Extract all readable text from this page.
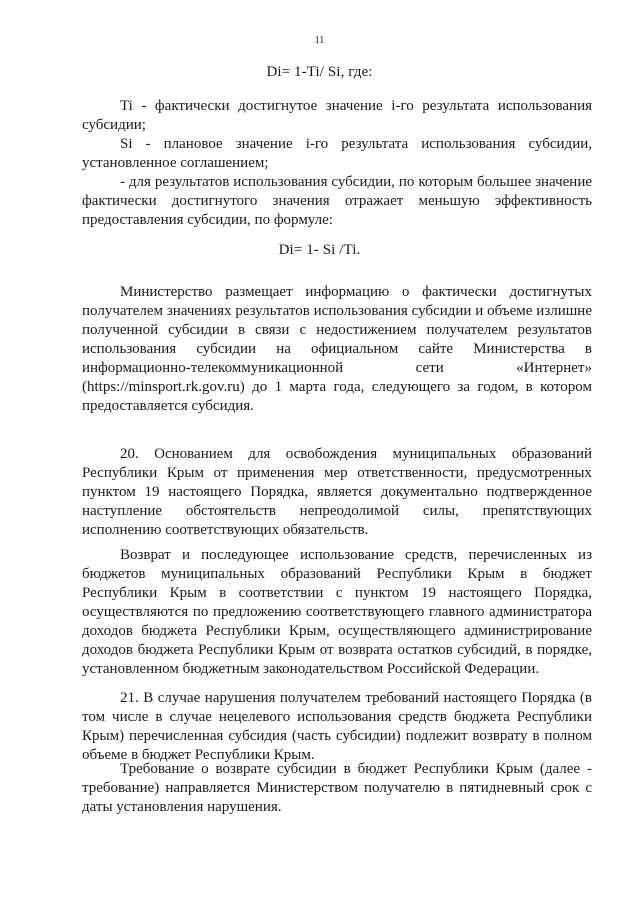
11
Di= 1-Ti/ Si, где:

Ti - фактически достигнутое значение i-го результата использования субсидии;

Si - плановое значение i-го результата использования субсидии, установленное соглашением;

- для результатов использования субсидии, по которым большее значение фактически достигнутого значения отражает меньшую эффективность предоставления субсидии, по формуле:

Di= 1- Si /Ti.

Министерство размещает информацию о фактически достигнутых получателем значениях результатов использования субсидии и объеме излишне полученной субсидии в связи с недостижением получателем результатов использования субсидии на официальном сайте Министерства в информационно-телекоммуникационной сети «Интернет» (https://minsport.rk.gov.ru) до 1 марта года, следующего за годом, в котором предоставляется субсидия.

20. Основанием для освобождения муниципальных образований Республики Крым от применения мер ответственности, предусмотренных пунктом 19 настоящего Порядка, является документально подтвержденное наступление обстоятельств непреодолимой силы, препятствующих исполнению соответствующих обязательств.

Возврат и последующее использование средств, перечисленных из бюджетов муниципальных образований Республики Крым в бюджет Республики Крым в соответствии с пунктом 19 настоящего Порядка, осуществляются по предложению соответствующего главного администратора доходов бюджета Республики Крым, осуществляющего администрирование доходов бюджета Республики Крым от возврата остатков субсидий, в порядке, установленном бюджетным законодательством Российской Федерации.

21. В случае нарушения получателем требований настоящего Порядка (в том числе в случае нецелевого использования средств бюджета Республики Крым) перечисленная субсидия (часть субсидии) подлежит возврату в полном объеме в бюджет Республики Крым.

Требование о возврате субсидии в бюджет Республики Крым (далее - требование) направляется Министерством получателю в пятидневный срок с даты установления нарушения.
